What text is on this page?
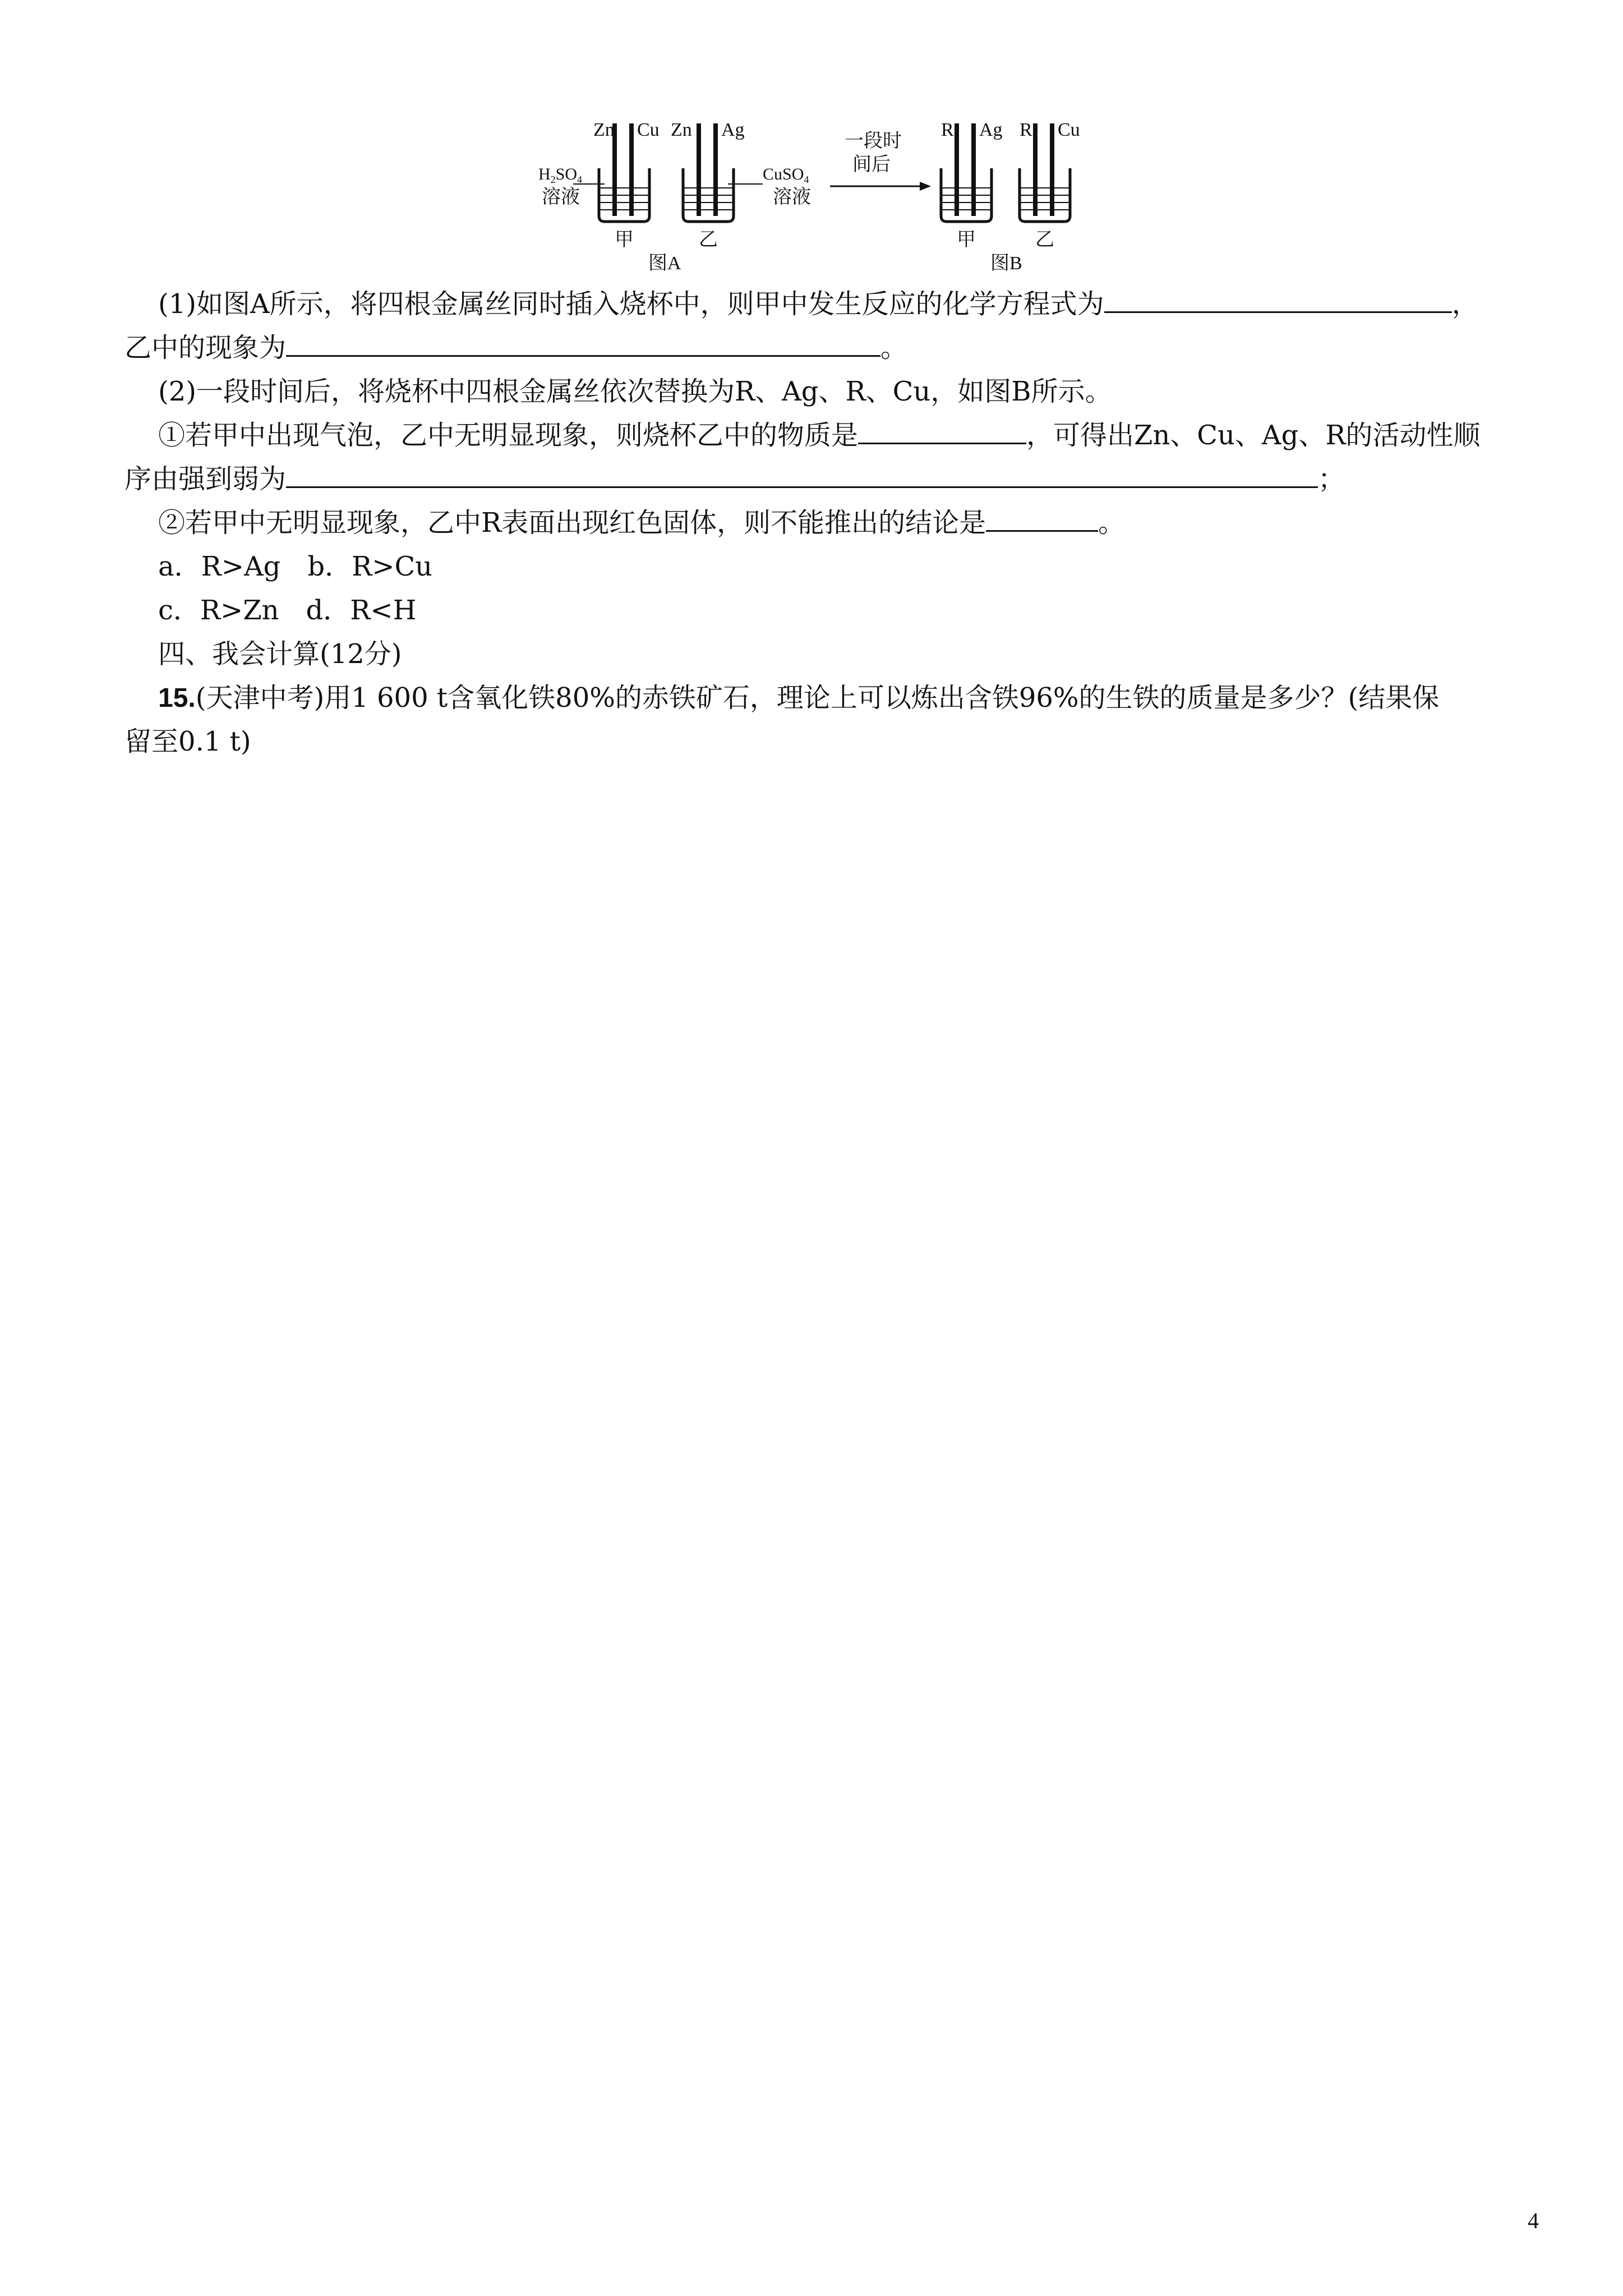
Zn Cu Zn Ag
$H_2SO_4$
溶液
CuSO$_4$
溶液
甲	乙
图A
一段时
间后
R Ag R Cu
甲	乙
图B
(1)如图A所示，将四根金属丝同时插入烧杯中，则甲中发生反应的化学方程式为	，
乙中的现象为	。
(2)一段时间后，将烧杯中四根金属丝依次替换为R、Ag、R、Cu，如图B所示。
①若甲中出现气泡，乙中无明显现象，则烧杯乙中的物质是	，可得出Zn、Cu、Ag、R的活动性顺
序由强到弱为	；
②若甲中无明显现象，乙中R表面出现红色固体，则不能推出的结论是	。
a．R>Ag　b．R>Cu
c．R>Zn　d．R<H
四、我会计算(12分)
15.(天津中考)用1 600 t含氧化铁80%的赤铁矿石，理论上可以炼出含铁96%的生铁的质量是多少？(结果保
留至0.1 t)
4
